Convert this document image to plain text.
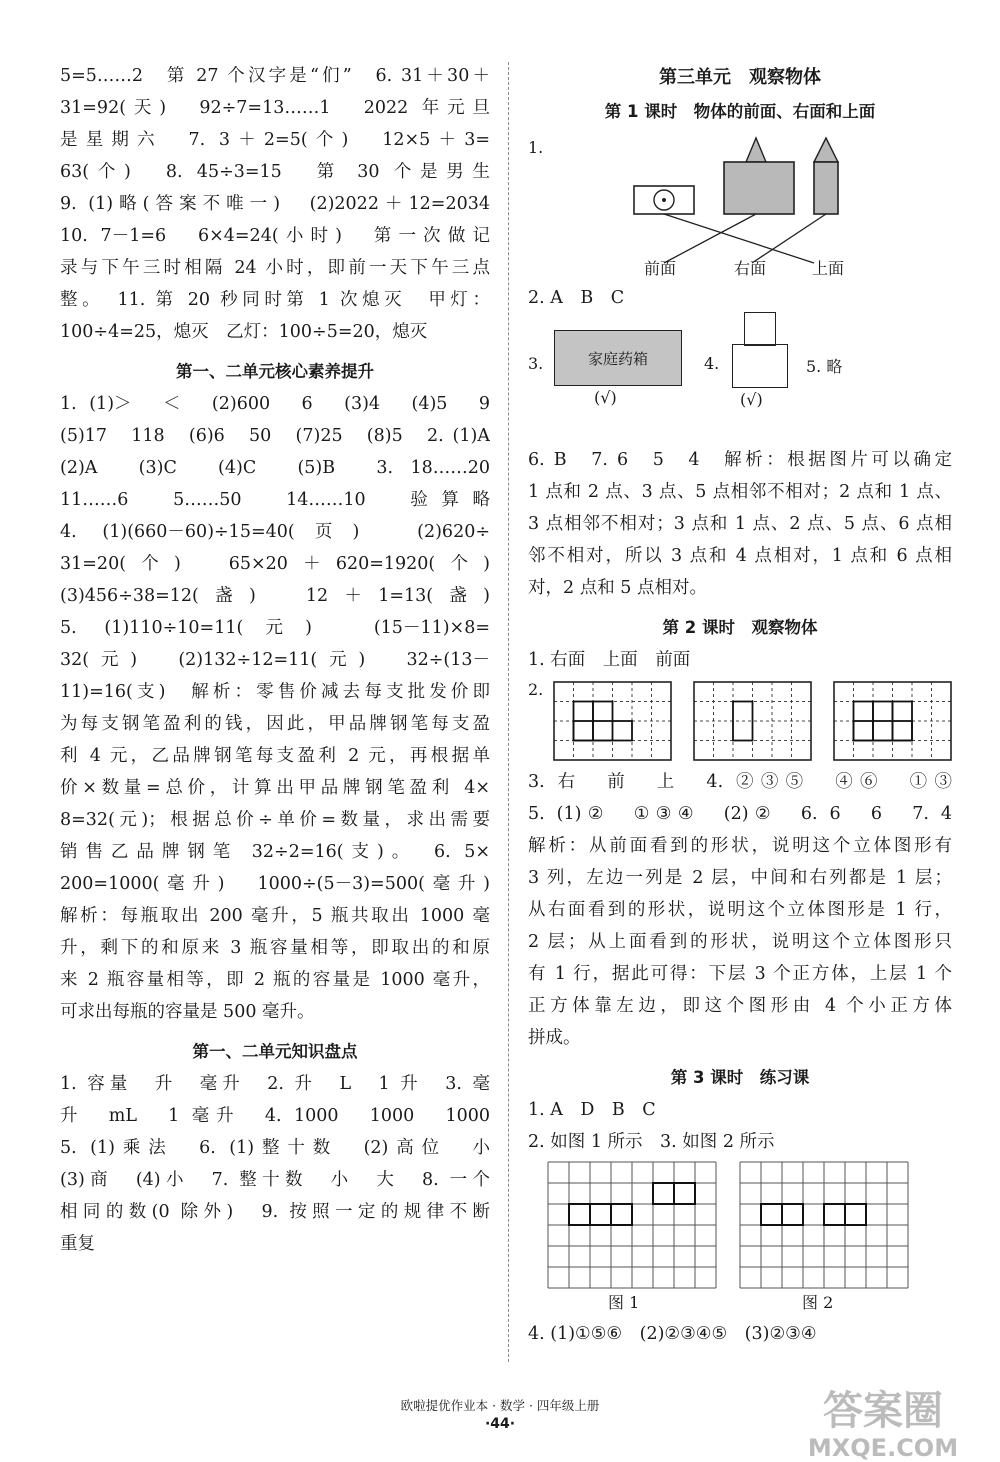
5=5……2　第 27 个汉字是“们”　6. 31＋30＋
31=92(天)　92÷7=13……1　2022 年元旦
是星期六　7. 3＋2=5(个)　12×5＋3=
63(个)　8. 45÷3=15　第 30 个是男生
9. (1)略(答案不唯一)　(2)2022＋12=2034
10. 7－1=6　6×4=24(小时)　第一次做记
录与下午三时相隔 24 小时，即前一天下午三点
整。　11. 第 20 秒同时第 1 次熄灭　甲灯：
100÷4=25，熄灭　乙灯：100÷5=20，熄灭
第一、二单元核心素养提升
1. (1)＞　＜　(2)600　6　(3)4　(4)5　9
(5)17　118　(6)6　50　(7)25　(8)5　2. (1)A
(2)A　(3)C　(4)C　(5)B　3. 18……20
11……6　5……50　14……10　验算略
4. (1)(660－60)÷15=40(页)　(2)620÷
31=20(个)　65×20＋620=1920(个)
(3)456÷38=12(盏)　12＋1=13(盏)
5. (1)110÷10=11(元)　(15－11)×8=
32(元)　(2)132÷12=11(元)　32÷(13－
11)=16(支)　解析：零售价减去每支批发价即
为每支钢笔盈利的钱，因此，甲品牌钢笔每支盈
利 4 元，乙品牌钢笔每支盈利 2 元，再根据单
价×数量=总价，计算出甲品牌钢笔盈利 4×
8=32(元)；根据总价÷单价=数量，求出需要
销售乙品牌钢笔 32÷2=16(支)。　6. 5×
200=1000(毫升)　1000÷(5－3)=500(毫升)
解析：每瓶取出 200 毫升，5 瓶共取出 1000 毫
升，剩下的和原来 3 瓶容量相等，即取出的和原
来 2 瓶容量相等，即 2 瓶的容量是 1000 毫升，
可求出每瓶的容量是 500 毫升。
第一、二单元知识盘点
1. 容量　升　毫升　2. 升　L　1 升　3. 毫
升　mL　1 毫升　4. 1000　1000　1000
5. (1)乘法　6. (1)整十数　(2)高位　小
(3)商　(4)小　7. 整十数　小　大　8. 一个
相同的数(0 除外)　9. 按照一定的规律不断
重复
第三单元　观察物体
第 1 课时　物体的前面、右面和上面
1.
前面	右面	上面
2. A　B　C
3.	家庭药箱
(√)
4.
(√)
5. 略
6. B　7. 6　5　4　解析：根据图片可以确定
1 点和 2 点、3 点、5 点相邻不相对；2 点和 1 点、
3 点相邻不相对；3 点和 1 点、2 点、5 点、6 点相
邻不相对，所以 3 点和 4 点相对，1 点和 6 点相
对，2 点和 5 点相对。
第 2 课时　观察物体
1. 右面　上面　前面
2.
3. 右　前　上　4. ②③⑤　④⑥　①③
5. (1)②　①③④　(2)②　6. 6　6　7. 4
解析：从前面看到的形状，说明这个立体图形有
3 列，左边一列是 2 层，中间和右列都是 1 层；
从右面看到的形状，说明这个立体图形是 1 行，
2 层；从上面看到的形状，说明这个立体图形只
有 1 行，据此可得：下层 3 个正方体，上层 1 个
正方体靠左边，即这个图形由 4 个小正方体
拼成。
第 3 课时　练习课
1. A　D　B　C
2. 如图 1 所示　3. 如图 2 所示
图 1	图 2
4. (1)①⑤⑥　(2)②③④⑤　(3)②③④
欧啦提优作业本 · 数学 · 四年级上册
·44·	答案圈
MXQE.COM
